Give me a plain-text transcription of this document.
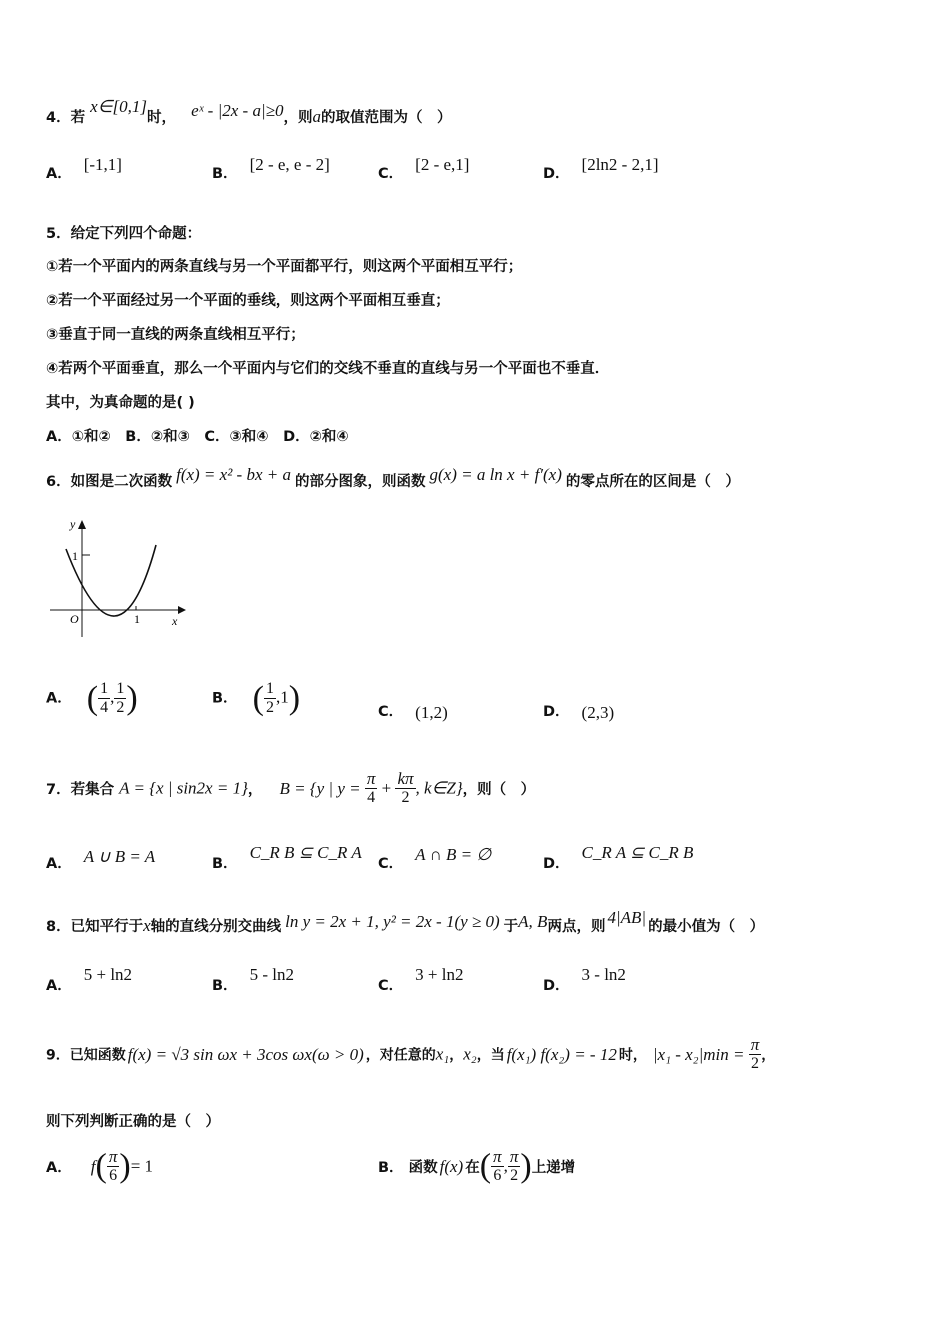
4．若 x∈[0,1]时， eˣ - |2x - a|≥0，则a的取值范围为（　）
A． [-1,1]	B． [2 - e, e - 2]	C． [2 - e,1]	D． [2ln2 - 2,1]
5．给定下列四个命题：
①若一个平面内的两条直线与另一个平面都平行，则这两个平面相互平行；
②若一个平面经过另一个平面的垂线，则这两个平面相互垂直；
③垂直于同一直线的两条直线相互平行；
④若两个平面垂直，那么一个平面内与它们的交线不垂直的直线与另一个平面也不垂直．
其中，为真命题的是( )
A．①和②　B．②和③　C．③和④　D．②和④
6．如图是二次函数 f(x) = x² - bx + a 的部分图象，则函数 g(x) = a ln x + f′(x) 的零点所在的区间是（　）
y
x
O
1
1
A． ( $\frac{1}{4}$ , $\frac{1}{2}$ )	B． ( $\frac{1}{2} ,1$)	C． (1,2)	D． (2,3)
7．若集合 A = {x | sin2x = 1}， B = {y | $y = \frac{\pi}{4} + \frac{k\pi}{2}$ , k∈Z}，则（　）
A． A ∪ B = A	B．C_R B ⊆ C_R A
C． A ∩ B = ∅	D．C_R A ⊆ C_R B
8．已知平行于x轴的直线分别交曲线 ln y = 2x + 1, y² = 2x - 1(y ≥ 0) 于A, B两点，则 4|AB| 的最小值为（　）
A．5 + ln2
B．5 - ln2
C．3 + ln2
D．3 - ln2
9．已知函数 f(x) = √3 sin ωx + 3cos ωx(ω > 0) ，对任意的x₁，x₂，当 f(x₁) f(x₂) = - 12 时， $|x_1 - x_2|\min = \frac{\pi}{2}$ ，
则下列判断正确的是（　）
A． $f( \frac{\pi}{6}$ )= 1	B． 函数 f(x) 在( $\frac{\pi}{6}$ , $\frac{\pi}{2}$ )上递增
